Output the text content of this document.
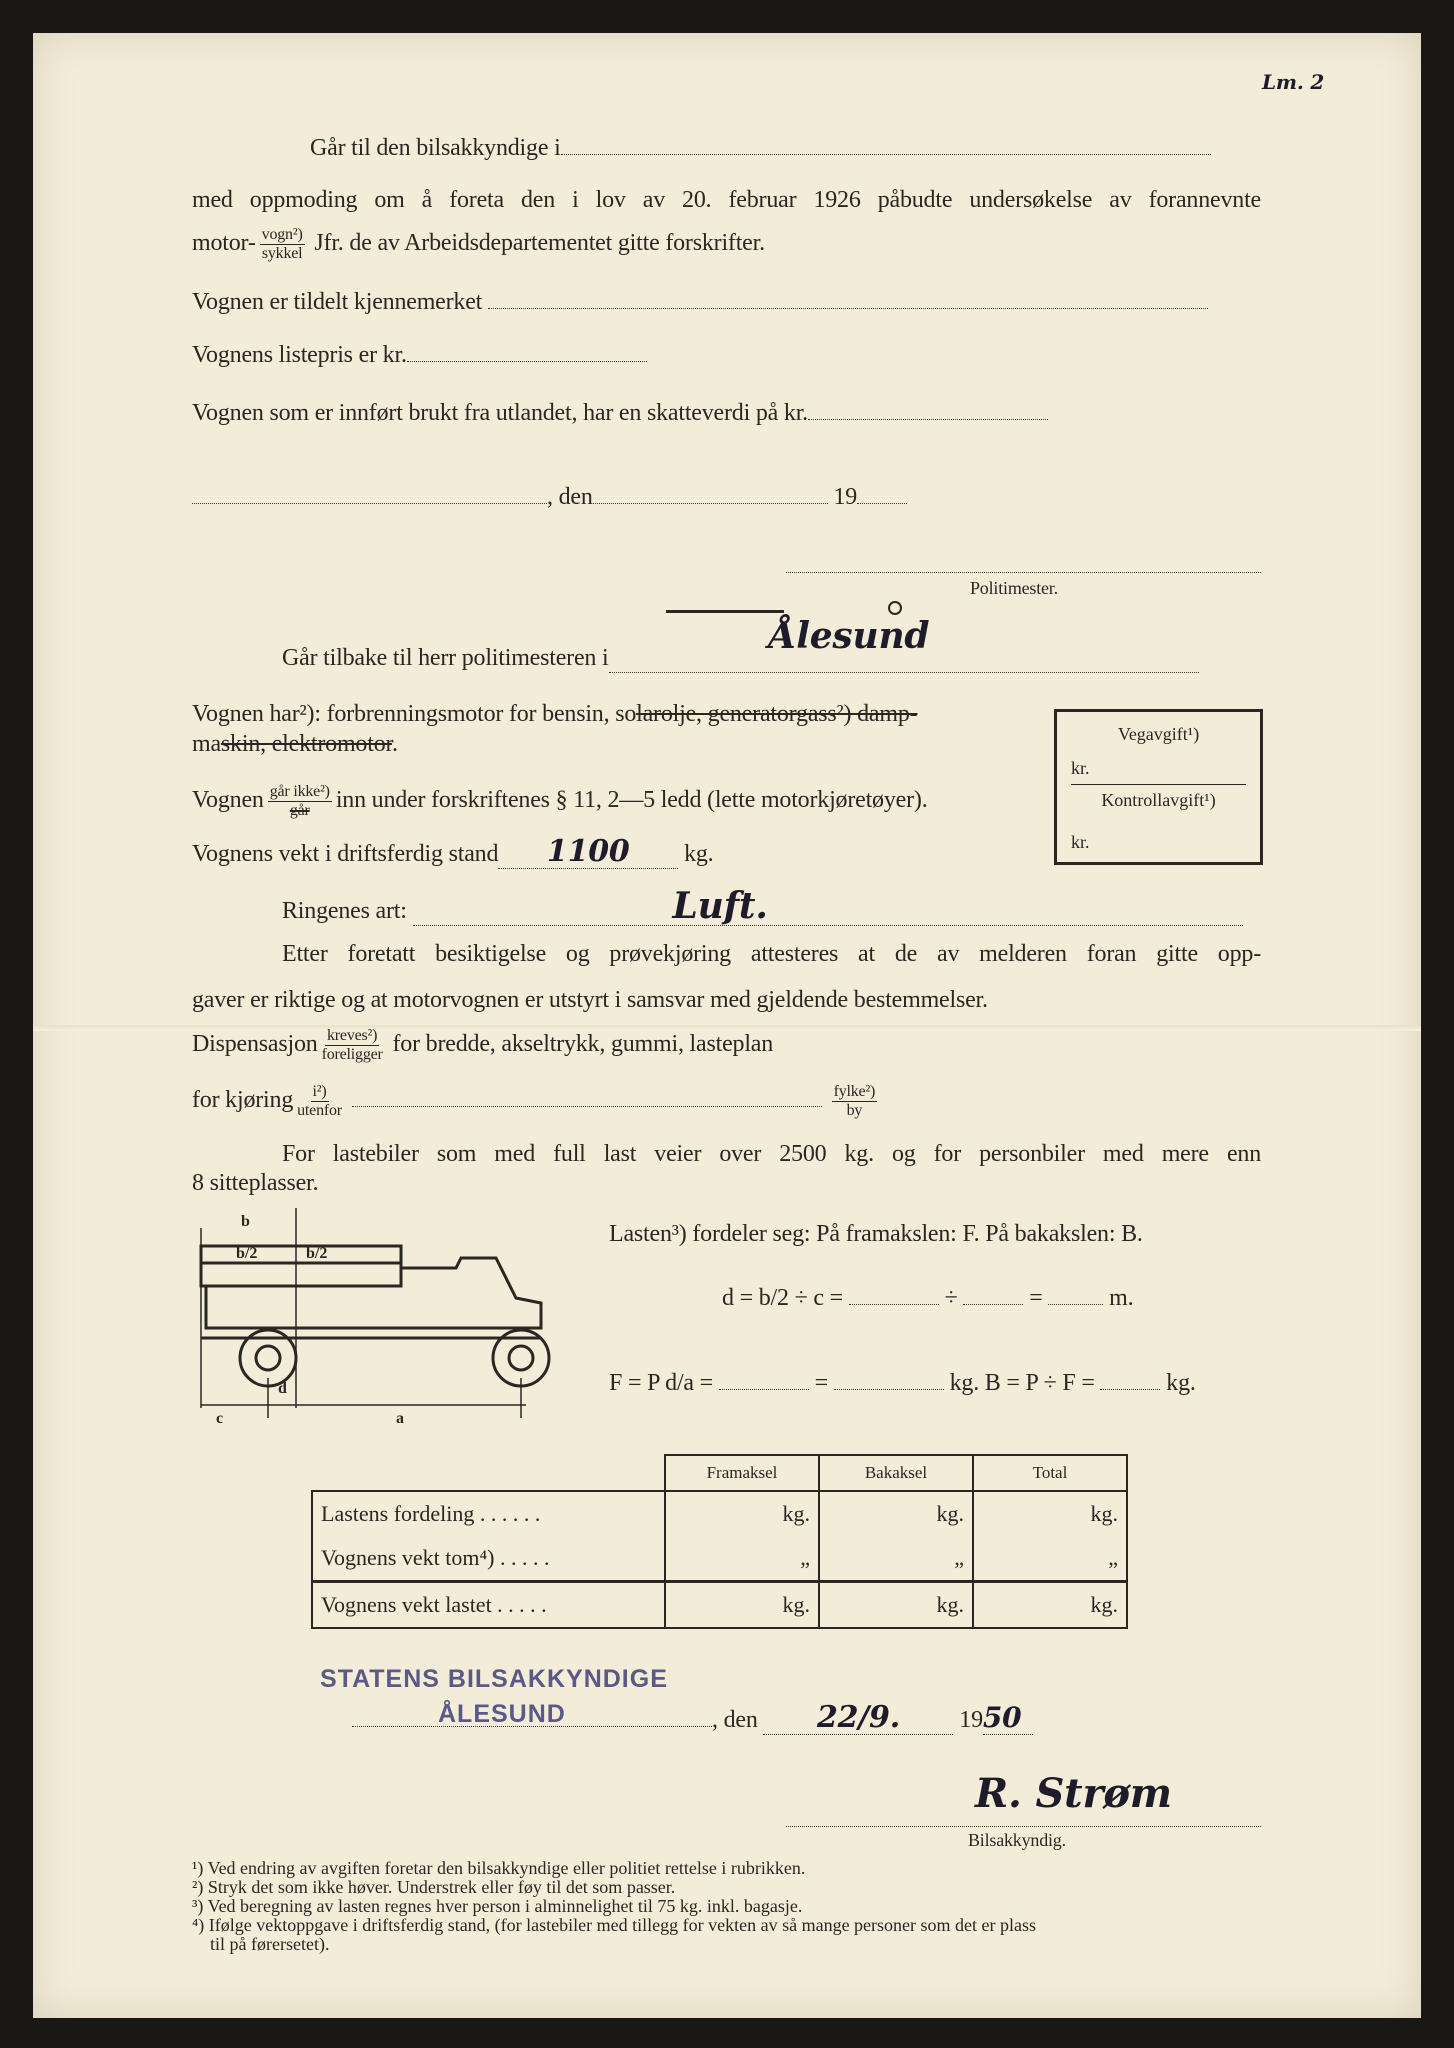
Lm. 2
Går til den bilsakkyndige i
med oppmoding om å foreta den i lov av 20. februar 1926 påbudte undersøkelse av forannevnte
motor- $\frac{\text{vogn²)}}{\text{sykkel}}$ Jfr. de av Arbeidsdepartementet gitte forskrifter.
Vognen er tildelt kjennemerket
Vognens listepris er kr.
Vognen som er innført brukt fra utlandet, har en skatteverdi på kr.
, den	19
Politimester.
Går tilbake til herr politimesteren i
Ålesund

Vognen har²): forbrenningsmotor for bensin, solarolje, generatorgass²) damp-
maskin, elektromotor.	Vegavgift¹)
kr.
Kontrollavgift¹)
kr.
Vognen $\frac{\text{går ikke²)}}{\text{går}}$ inn under forskriftenes § 11, 2—5 ledd (lette motorkjøretøyer).
Vognens vekt i driftsferdig stand 1100 kg.
Ringenes art:	Luft.
Etter foretatt besiktigelse og prøvekjøring attesteres at de av melderen foran gitte opp-
gaver er riktige og at motorvognen er utstyrt i samsvar med gjeldende bestemmelser.
Dispensasjon $\frac{\text{kreves²)}}{\text{foreligger}}$ for bredde, akseltrykk, gummi, lasteplan
for kjøring $\frac{\text{i²)}}{\text{utenfor}}$
	$\frac{\text{fylke²)}}{by}$
For lastebiler som med full last veier over 2500 kg. og for personbiler med mere enn
8 sitteplasser.
b
b/2	b/2
d
c	a
Lasten³) fordeler seg: På framakslen: F. På bakakslen: B.
d = b/2 ÷ c =	÷	=	m.
F = P d/a =	=	kg. B = P ÷ F =	kg.
	Framaksel	Bakaksel	Total
Lastens fordeling . . . . . .	kg.	kg.	kg.
Vognens vekt tom⁴) . . . . .	„	„	„
Vognens vekt lastet . . . . .	kg.	kg.	kg.
STATENS BILSAKKYNDIGE
ÅLESUND	, den 22/9. 1950
R. Strøm
Bilsakkyndig.
¹) Ved endring av avgiften foretar den bilsakkyndige eller politiet rettelse i rubrikken.
²) Stryk det som ikke høver. Understrek eller føy til det som passer.
³) Ved beregning av lasten regnes hver person i alminnelighet til 75 kg. inkl. bagasje.
⁴) Ifølge vektoppgave i driftsferdig stand, (for lastebiler med tillegg for vekten av så mange personer som det er plass
til på førersetet).
